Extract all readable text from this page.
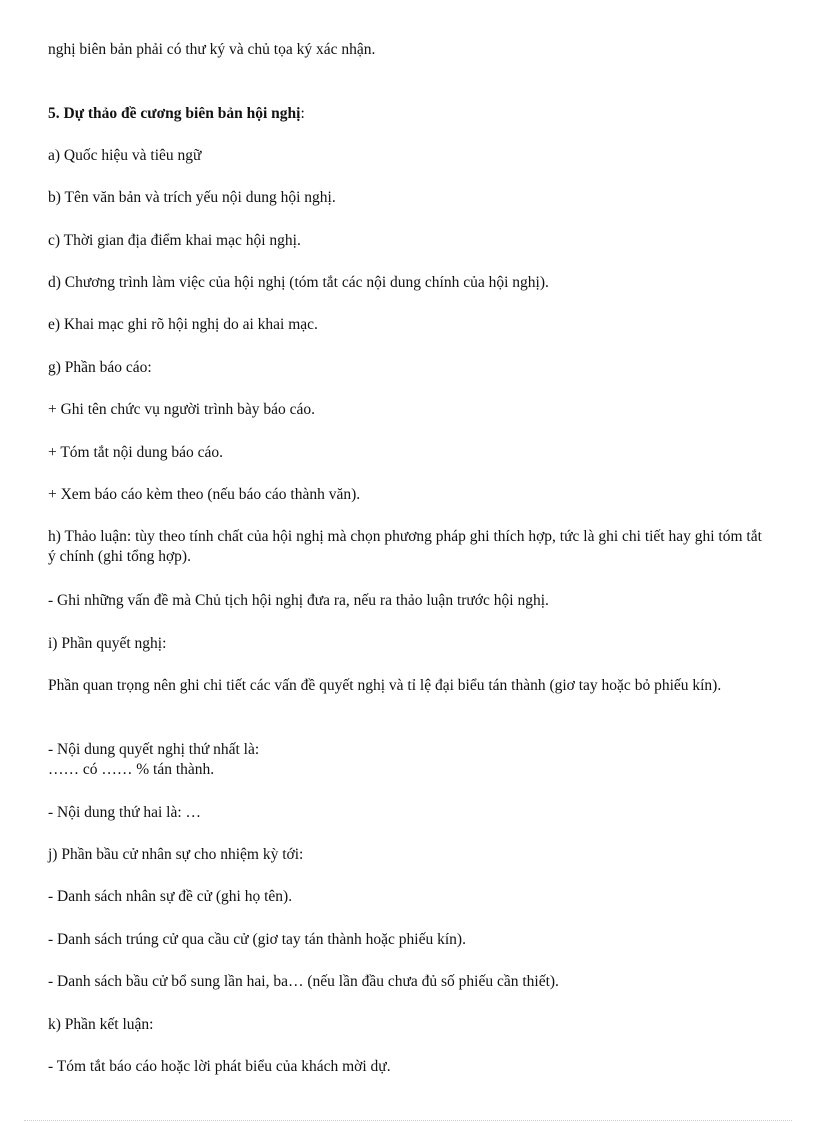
nghị biên bản phải có thư ký và chủ tọa ký xác nhận.

5. Dự thảo đề cương biên bản hội nghị:

a) Quốc hiệu và tiêu ngữ

b) Tên văn bản và trích yếu nội dung hội nghị.

c) Thời gian địa điểm khai mạc hội nghị.

d) Chương trình làm việc của hội nghị (tóm tắt các nội dung chính của hội nghị).

e) Khai mạc ghi rõ hội nghị do ai khai mạc.

g) Phần báo cáo:

+ Ghi tên chức vụ người trình bày báo cáo.

+ Tóm tắt nội dung báo cáo.

+ Xem báo cáo kèm theo (nếu báo cáo thành văn).

h) Thảo luận: tùy theo tính chất của hội nghị mà chọn phương pháp ghi thích hợp, tức là ghi chi tiết hay ghi tóm tắt ý chính (ghi tổng hợp).

- Ghi những vấn đề mà Chủ tịch hội nghị đưa ra, nếu ra thảo luận trước hội nghị.

i) Phần quyết nghị:

Phần quan trọng nên ghi chi tiết các vấn đề quyết nghị và tỉ lệ đại biểu tán thành (giơ tay hoặc bỏ phiếu kín).

- Nội dung quyết nghị thứ nhất là:
…… có …… % tán thành.

- Nội dung thứ hai là: …

j) Phần bầu cử nhân sự cho nhiệm kỳ tới:

- Danh sách nhân sự đề cử (ghi họ tên).

- Danh sách trúng cử qua cầu cử (giơ tay tán thành hoặc phiếu kín).

- Danh sách bầu cử bổ sung lần hai, ba… (nếu lần đầu chưa đủ số phiếu cần thiết).

k) Phần kết luận:

- Tóm tắt báo cáo hoặc lời phát biểu của khách mời dự.
